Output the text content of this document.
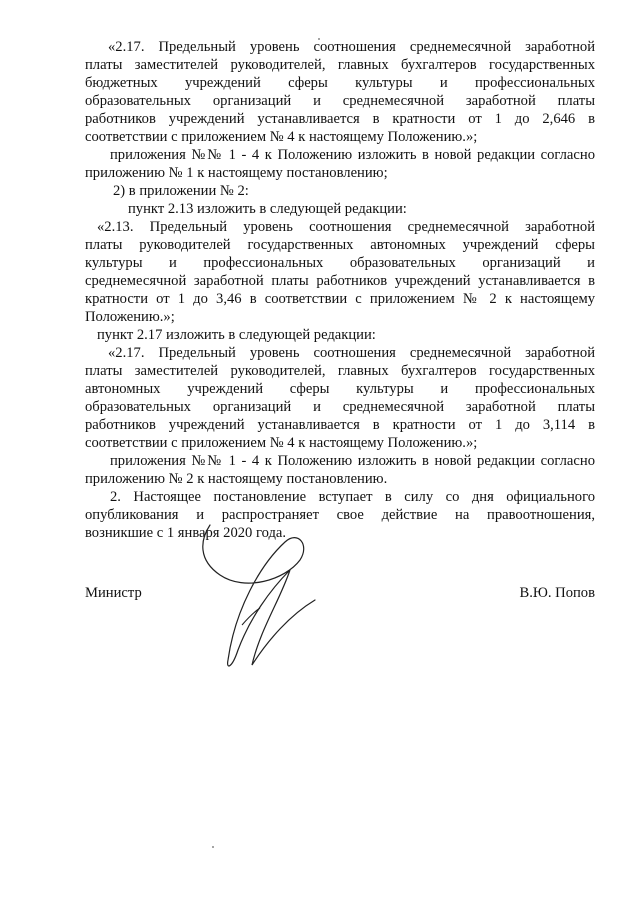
«2.17. Предельный уровень соотношения среднемесячной заработной
платы заместителей руководителей, главных бухгалтеров государственных
бюджетных учреждений сферы культуры и профессиональных
образовательных организаций и среднемесячной заработной платы
работников учреждений устанавливается в кратности от 1 до 2,646 в
соответствии с приложением № 4 к настоящему Положению.»;
приложения №№ 1 - 4 к Положению изложить в новой редакции согласно
приложению № 1 к настоящему постановлению;
2) в приложении № 2:
пункт 2.13 изложить в следующей редакции:
«2.13. Предельный уровень соотношения среднемесячной заработной
платы руководителей государственных автономных учреждений сферы
культуры и профессиональных образовательных организаций и
среднемесячной заработной платы работников учреждений устанавливается в
кратности от 1 до 3,46 в соответствии с приложением № 2 к настоящему
Положению.»;
пункт 2.17 изложить в следующей редакции:
«2.17. Предельный уровень соотношения среднемесячной заработной
платы заместителей руководителей, главных бухгалтеров государственных
автономных учреждений сферы культуры и профессиональных
образовательных организаций и среднемесячной заработной платы
работников учреждений устанавливается в кратности от 1 до 3,114 в
соответствии с приложением № 4 к настоящему Положению.»;
приложения №№ 1 - 4 к Положению изложить в новой редакции согласно
приложению № 2 к настоящему постановлению.
2. Настоящее постановление вступает в силу со дня официального
опубликования и распространяет свое действие на правоотношения,
возникшие с 1 января 2020 года.
Министр	В.Ю. Попов
